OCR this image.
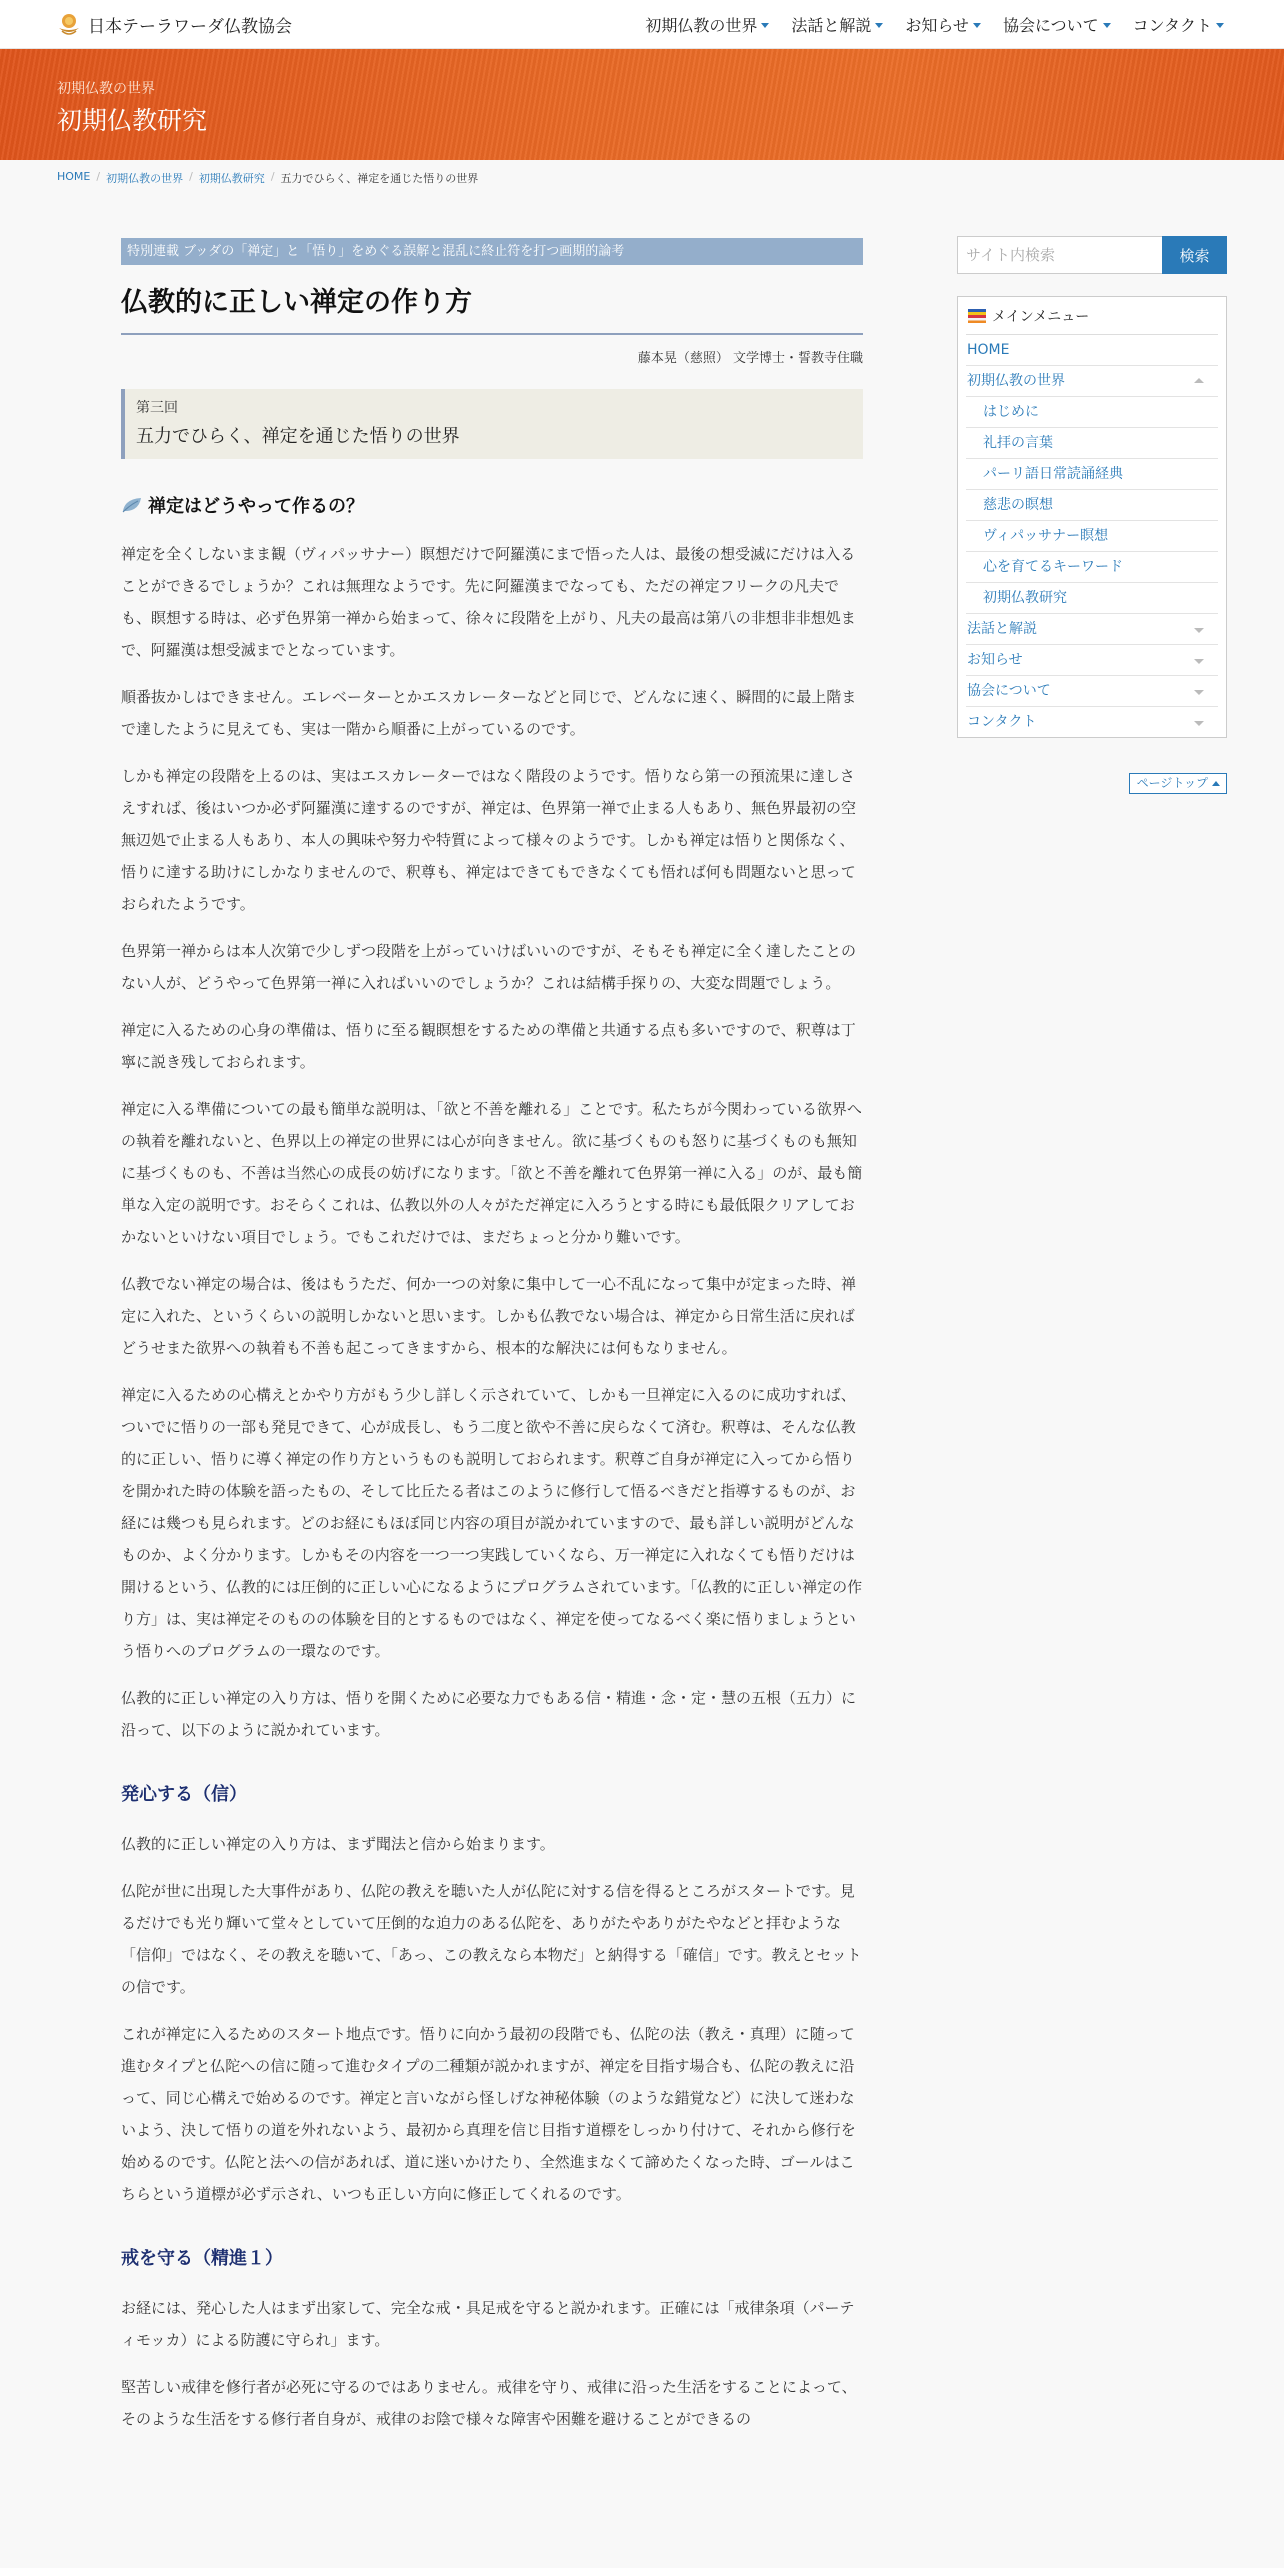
日本テーラワーダ仏教協会	初期仏教の世界 法話と解説 お知らせ 協会について コンタクト
初期仏教の世界
初期仏教研究
HOME / 初期仏教の世界 / 初期仏教研究 / 五力でひらく、禅定を通じた悟りの世界
特別連載 ブッダの「禅定」と「悟り」をめぐる誤解と混乱に終止符を打つ画期的論考
仏教的に正しい禅定の作り方
藤本晃（慈照） 文学博士・誓教寺住職
第三回
五力でひらく、禅定を通じた悟りの世界
禅定はどうやって作るの？

禅定を全くしないまま観（ヴィパッサナー）瞑想だけで阿羅漢にまで悟った人は、最後の想受滅にだけは入ることができるでしょうか？これは無理なようです。先に阿羅漢までなっても、ただの禅定フリークの凡夫でも、瞑想する時は、必ず色界第一禅から始まって、徐々に段階を上がり、凡夫の最高は第八の非想非非想処まで、阿羅漢は想受滅までとなっています。

順番抜かしはできません。エレベーターとかエスカレーターなどと同じで、どんなに速く、瞬間的に最上階まで達したように見えても、実は一階から順番に上がっているのです。

しかも禅定の段階を上るのは、実はエスカレーターではなく階段のようです。悟りなら第一の預流果に達しさえすれば、後はいつか必ず阿羅漢に達するのですが、禅定は、色界第一禅で止まる人もあり、無色界最初の空無辺処で止まる人もあり、本人の興味や努力や特質によって様々のようです。しかも禅定は悟りと関係なく、悟りに達する助けにしかなりませんので、釈尊も、禅定はできてもできなくても悟れば何も問題ないと思っておられたようです。

色界第一禅からは本人次第で少しずつ段階を上がっていけばいいのですが、そもそも禅定に全く達したことのない人が、どうやって色界第一禅に入ればいいのでしょうか？これは結構手探りの、大変な問題でしょう。

禅定に入るための心身の準備は、悟りに至る観瞑想をするための準備と共通する点も多いですので、釈尊は丁寧に説き残しておられます。

禅定に入る準備についての最も簡単な説明は、「欲と不善を離れる」ことです。私たちが今関わっている欲界への執着を離れないと、色界以上の禅定の世界には心が向きません。欲に基づくものも怒りに基づくものも無知に基づくものも、不善は当然心の成長の妨げになります。「欲と不善を離れて色界第一禅に入る」のが、最も簡単な入定の説明です。おそらくこれは、仏教以外の人々がただ禅定に入ろうとする時にも最低限クリアしておかないといけない項目でしょう。でもこれだけでは、まだちょっと分かり難いです。

仏教でない禅定の場合は、後はもうただ、何か一つの対象に集中して一心不乱になって集中が定まった時、禅定に入れた、というくらいの説明しかないと思います。しかも仏教でない場合は、禅定から日常生活に戻ればどうせまた欲界への執着も不善も起こってきますから、根本的な解決には何もなりません。

禅定に入るための心構えとかやり方がもう少し詳しく示されていて、しかも一旦禅定に入るのに成功すれば、ついでに悟りの一部も発見できて、心が成長し、もう二度と欲や不善に戻らなくて済む。釈尊は、そんな仏教的に正しい、悟りに導く禅定の作り方というものも説明しておられます。釈尊ご自身が禅定に入ってから悟りを開かれた時の体験を語ったもの、そして比丘たる者はこのように修行して悟るべきだと指導するものが、お経には幾つも見られます。どのお経にもほぼ同じ内容の項目が説かれていますので、最も詳しい説明がどんなものか、よく分かります。しかもその内容を一つ一つ実践していくなら、万一禅定に入れなくても悟りだけは開けるという、仏教的には圧倒的に正しい心になるようにプログラムされています。「仏教的に正しい禅定の作り方」は、実は禅定そのものの体験を目的とするものではなく、禅定を使ってなるべく楽に悟りましょうという悟りへのプログラムの一環なのです。

仏教的に正しい禅定の入り方は、悟りを開くために必要な力でもある信・精進・念・定・慧の五根（五力）に沿って、以下のように説かれています。

発心する（信）

仏教的に正しい禅定の入り方は、まず聞法と信から始まります。

仏陀が世に出現した大事件があり、仏陀の教えを聴いた人が仏陀に対する信を得るところがスタートです。見るだけでも光り輝いて堂々としていて圧倒的な迫力のある仏陀を、ありがたやありがたやなどと拝むような「信仰」ではなく、その教えを聴いて、「あっ、この教えなら本物だ」と納得する「確信」です。教えとセットの信です。

これが禅定に入るためのスタート地点です。悟りに向かう最初の段階でも、仏陀の法（教え・真理）に随って進むタイプと仏陀への信に随って進むタイプの二種類が説かれますが、禅定を目指す場合も、仏陀の教えに沿って、同じ心構えで始めるのです。禅定と言いながら怪しげな神秘体験（のような錯覚など）に決して迷わないよう、決して悟りの道を外れないよう、最初から真理を信じ目指す道標をしっかり付けて、それから修行を始めるのです。仏陀と法への信があれば、道に迷いかけたり、全然進まなくて諦めたくなった時、ゴールはこちらという道標が必ず示され、いつも正しい方向に修正してくれるのです。

戒を守る（精進１）

お経には、発心した人はまず出家して、完全な戒・具足戒を守ると説かれます。正確には「戒律条項（パーティモッカ）による防護に守られ」ます。

堅苦しい戒律を修行者が必死に守るのではありません。戒律を守り、戒律に沿った生活をすることによって、そのような生活をする修行者自身が、戒律のお陰で様々な障害や困難を避けることができるの

サイト内検索
検索
メインメニュー
HOME
初期仏教の世界
はじめに
礼拝の言葉
パーリ語日常読誦経典
慈悲の瞑想
ヴィパッサナー瞑想
心を育てるキーワード
初期仏教研究
法話と解説
お知らせ
協会について
コンタクト
ページトップ
